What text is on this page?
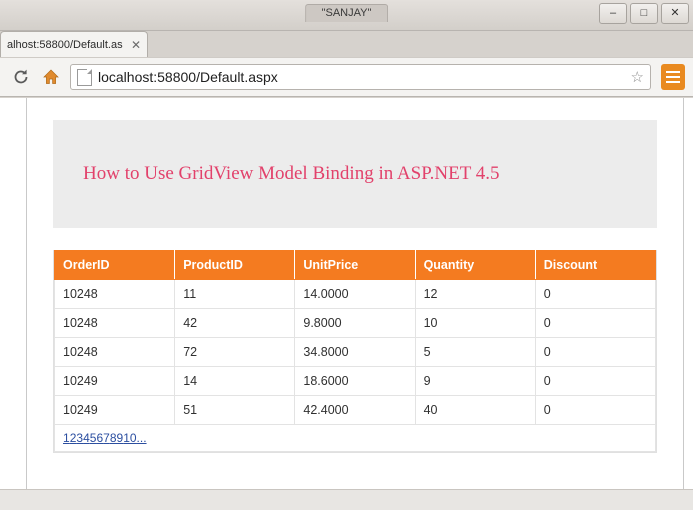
"SANJAY"	–	□	✕
alhost:58800/Default.as ✕
localhost:58800/Default.aspx	☆
How to Use GridView Model Binding in ASP.NET 4.5
OrderID	ProductID	UnitPrice	Quantity	Discount
10248	11	14.0000	12	0
10248	42	9.8000	10	0
10248	72	34.8000	5	0
10249	14	18.6000	9	0
10249	51	42.4000	40	0
12345678910...				
